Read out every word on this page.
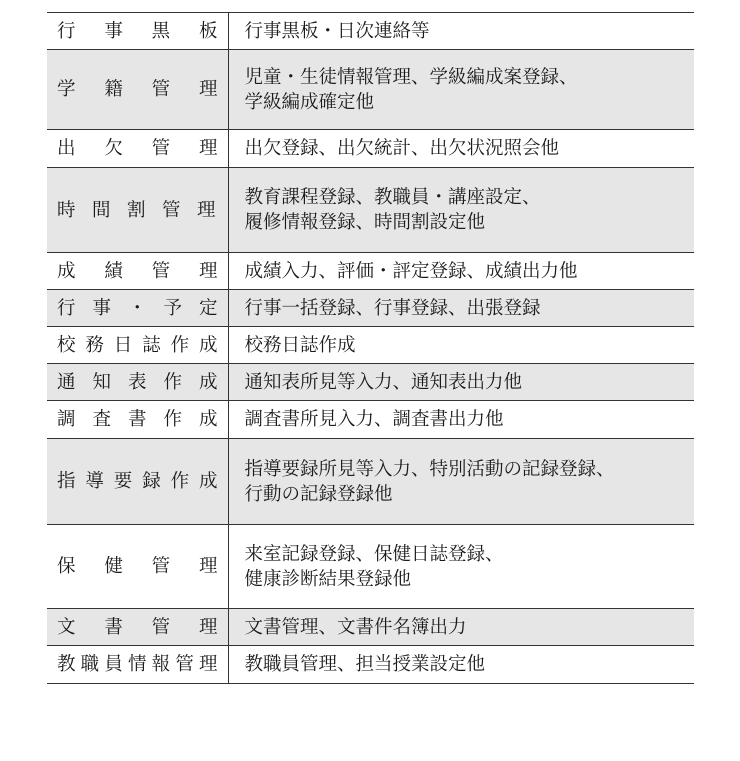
行事黒板	行事黒板・日次連絡等

学籍管理	児童・生徒情報管理、学級編成案登録、
学級編成確定他

出欠管理	出欠登録、出欠統計、出欠状況照会他

時間割管理	教育課程登録、教職員・講座設定、
履修情報登録、時間割設定他

成績管理	成績入力、評価・評定登録、成績出力他

行事・予定	行事一括登録、行事登録、出張登録

校務日誌作成	校務日誌作成

通知表作成	通知表所見等入力、通知表出力他

調査書作成	調査書所見入力、調査書出力他

指導要録作成	指導要録所見等入力、特別活動の記録登録、
行動の記録登録他

保健管理	来室記録登録、保健日誌登録、
健康診断結果登録他

文書管理	文書管理、文書件名簿出力

教職員情報管理	教職員管理、担当授業設定他
